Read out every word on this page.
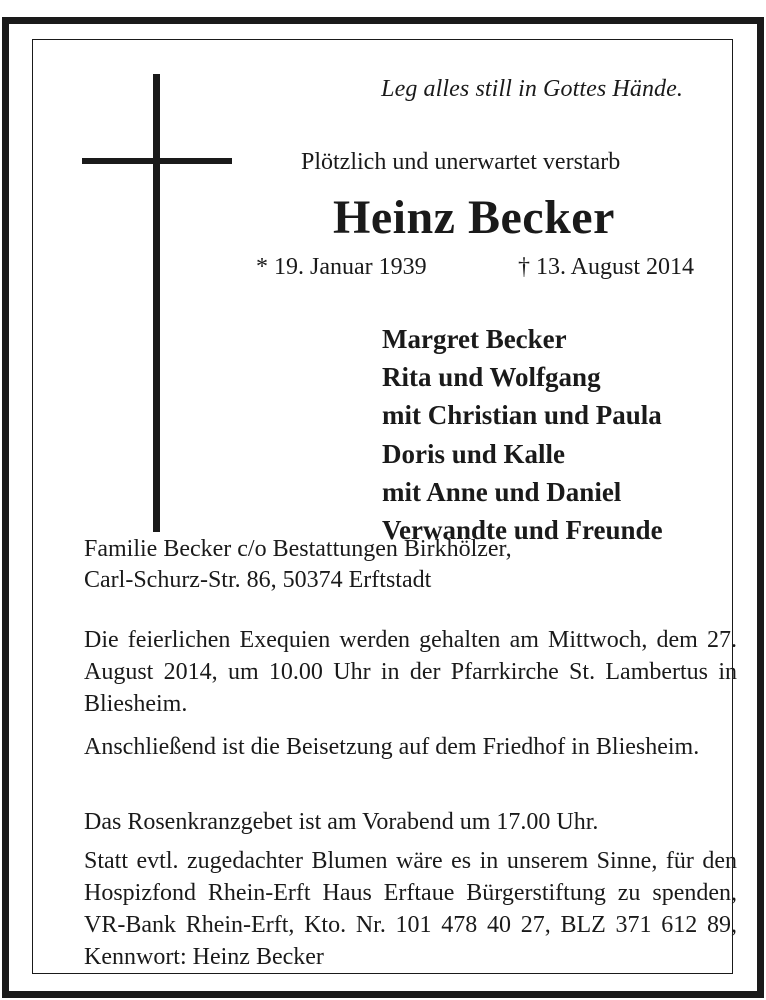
Leg alles still in Gottes Hände.
Plötzlich und unerwartet verstarb
Heinz Becker
* 19. Januar 1939	† 13. August 2014
Margret Becker
Rita und Wolfgang
mit Christian und Paula
Doris und Kalle
mit Anne und Daniel
Verwandte und Freunde
Familie Becker c/o Bestattungen Birkhölzer,
Carl-Schurz-Str. 86, 50374 Erftstadt

Die feierlichen Exequien werden gehalten am Mittwoch, dem 27. August 2014, um 10.00 Uhr in der Pfarrkirche St. Lambertus in Bliesheim.

Anschließend ist die Beisetzung auf dem Friedhof in Bliesheim.

Das Rosenkranzgebet ist am Vorabend um 17.00 Uhr.

Statt evtl. zugedachter Blumen wäre es in unserem Sinne, für den Hospizfond Rhein-Erft Haus Erftaue Bürgerstiftung zu spenden, VR-Bank Rhein-Erft, Kto. Nr. 101 478 40 27, BLZ 371 612 89, Kennwort: Heinz Becker
